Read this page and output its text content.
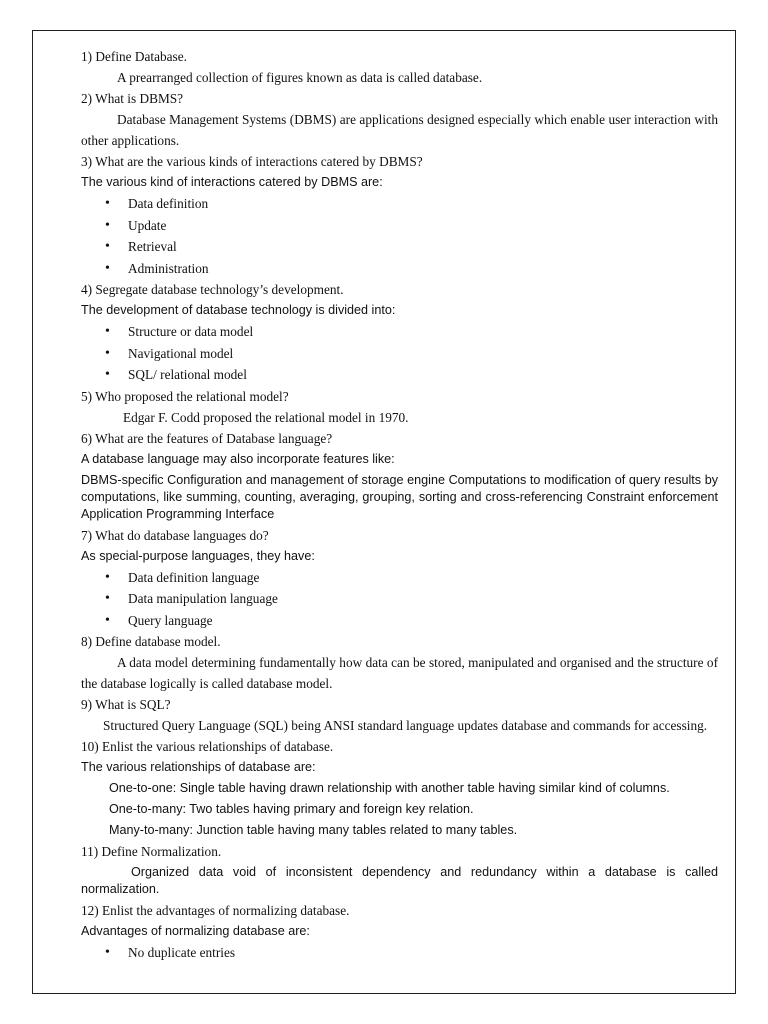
1) Define Database.
A prearranged collection of figures known as data is called database.
2) What is DBMS?
Database Management Systems (DBMS) are applications designed especially which enable user interaction with other applications.
3) What are the various kinds of interactions catered by DBMS?
The various kind of interactions catered by DBMS are:
• Data definition
• Update
• Retrieval
• Administration
4) Segregate database technology’s development.
The development of database technology is divided into:
• Structure or data model
• Navigational model
• SQL/ relational model
5) Who proposed the relational model?
Edgar F. Codd proposed the relational model in 1970.
6) What are the features of Database language?
A database language may also incorporate features like:
DBMS-specific Configuration and management of storage engine Computations to modification of query results by computations, like summing, counting, averaging, grouping, sorting and cross-referencing Constraint enforcement Application Programming Interface
7) What do database languages do?
As special-purpose languages, they have:
• Data definition language
• Data manipulation language
• Query language
8) Define database model.
A data model determining fundamentally how data can be stored, manipulated and organised and the structure of the database logically is called database model.
9) What is SQL?
Structured Query Language (SQL) being ANSI standard language updates database and commands for accessing.
10) Enlist the various relationships of database.
The various relationships of database are:
One-to-one: Single table having drawn relationship with another table having similar kind of columns.
One-to-many: Two tables having primary and foreign key relation.
Many-to-many: Junction table having many tables related to many tables.
11) Define Normalization.
Organized data void of inconsistent dependency and redundancy within a database is called normalization.
12) Enlist the advantages of normalizing database.
Advantages of normalizing database are:
• No duplicate entries
